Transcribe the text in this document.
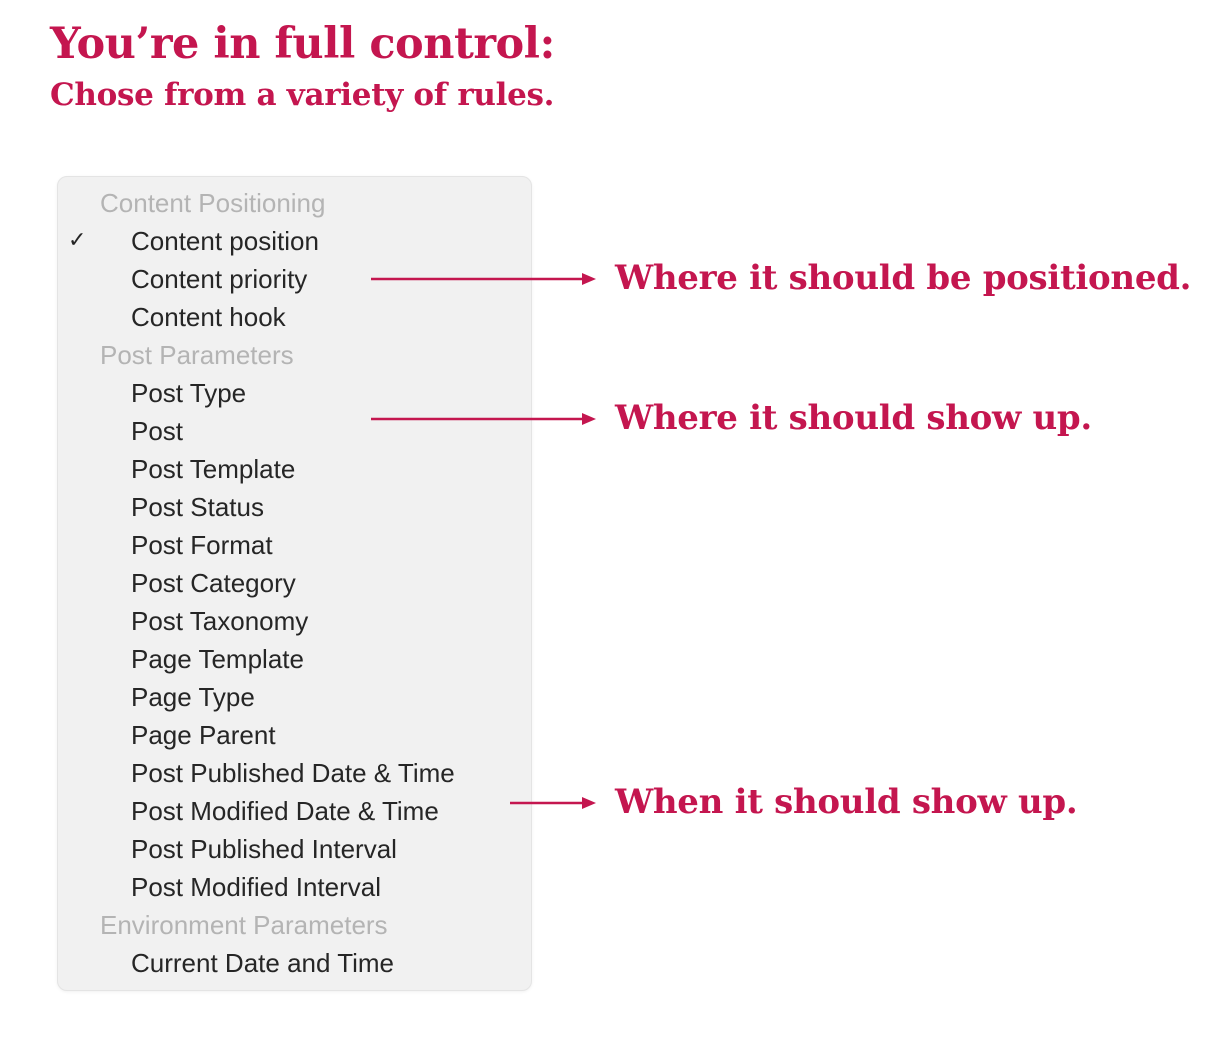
You’re in full control:
Chose from a variety of rules.
Content Positioning
✓ Content position
Content priority
Content hook
Post Parameters
Post Type
Post
Post Template
Post Status
Post Format
Post Category
Post Taxonomy
Page Template
Page Type
Page Parent
Post Published Date & Time
Post Modified Date & Time
Post Published Interval
Post Modified Interval
Environment Parameters
Current Date and Time
Where it should be positioned.
Where it should show up.
When it should show up.
